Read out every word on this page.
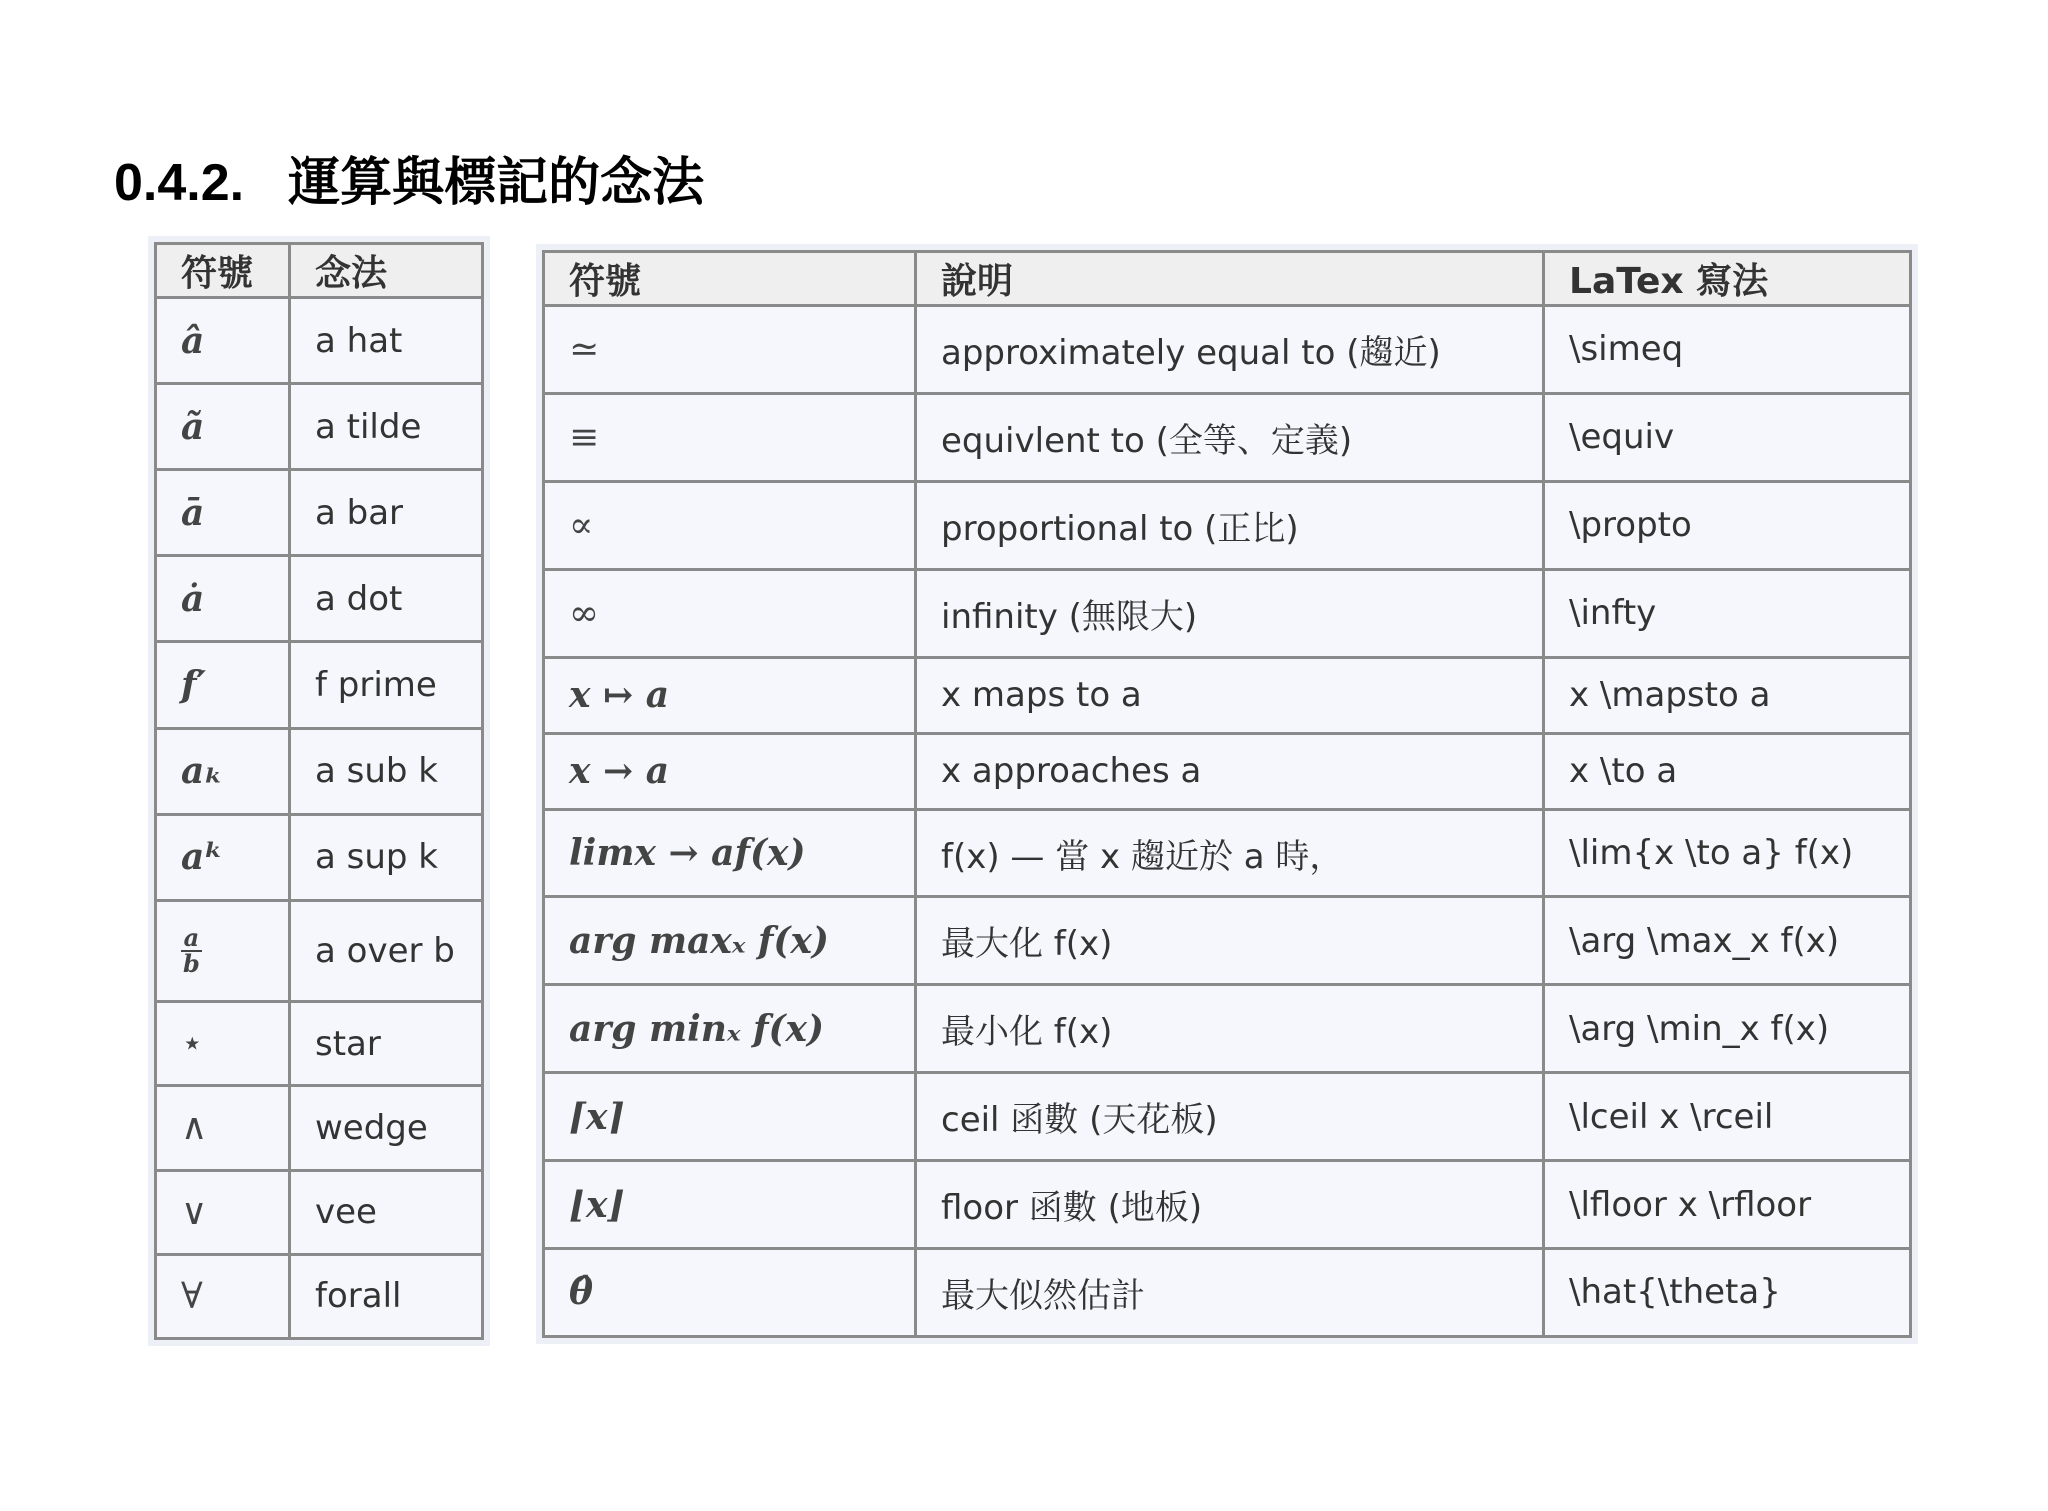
0.4.2. 運算與標記的念法
符號	念法
â	a hat
ã	a tilde
ā	a bar
ȧ	a dot
f′	f prime
aₖ	a sub k
aᵏ	a sup k

$\frac{a}{b}$	a over b
⋆	star
∧	wedge
∨	vee
∀	forall
符號	說明	LaTex 寫法
≃	approximately equal to (趨近)	\simeq
≡	equivlent to (全等、定義)	\equiv
∝	proportional to (正比)	\propto
∞	infinity (無限大)	\infty
x ↦ a	x maps to a	x \mapsto a
x → a	x approaches a	x \to a
limx → af(x)	f(x) — 當 x 趨近於 a 時，	\lim{x \to a} f(x)
arg maxₓ f(x)	最大化 f(x)	\arg \max_x f(x)
arg minₓ f(x)	最小化 f(x)	\arg \min_x f(x)
⌈x⌉	ceil 函數 (天花板)	\lceil x \rceil
⌊x⌋	floor 函數 (地板)	\lfloor x \rfloor
θ̂	最大似然估計	\hat{\theta}
